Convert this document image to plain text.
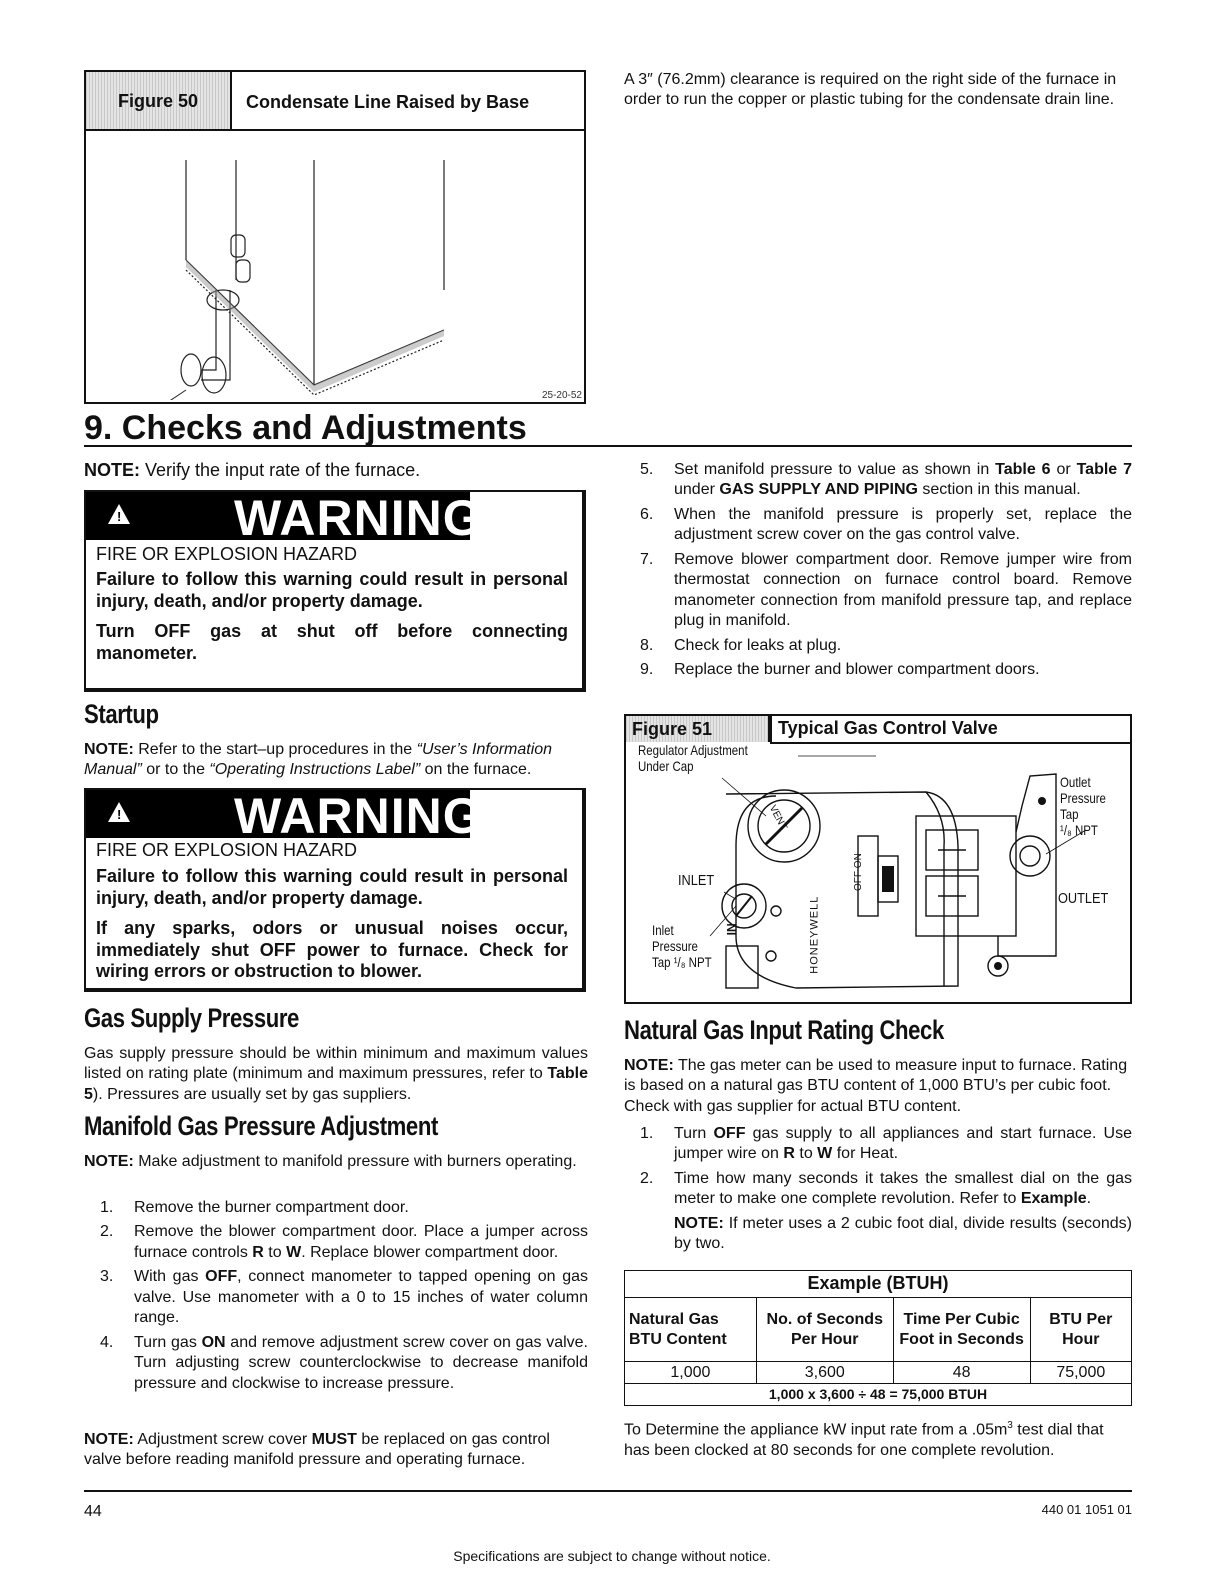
Figure 50	Condensate Line Raised by Base
25-20-52
A 3″ (76.2mm) clearance is required on the right side of the furnace in order to run the copper or plastic tubing for the condensate drain line.
9. Checks and Adjustments
NOTE: Verify the input rate of the furnace.
! WARNING
FIRE OR EXPLOSION HAZARD
Failure to follow this warning could result in personal injury, death, and/or property damage.
Turn OFF gas at shut off before connecting manometer.
Startup
NOTE: Refer to the start–up procedures in the “User’s Information Manual” or to the “Operating Instructions Label” on the furnace.
! WARNING
FIRE OR EXPLOSION HAZARD
Failure to follow this warning could result in personal injury, death, and/or property damage.
If any sparks, odors or unusual noises occur, immediately shut OFF power to furnace. Check for wiring errors or obstruction to blower.
Gas Supply Pressure
Gas supply pressure should be within minimum and maximum values listed on rating plate (minimum and maximum pressures, refer to Table 5). Pressures are usually set by gas suppliers.
Manifold Gas Pressure Adjustment
NOTE: Make adjustment to manifold pressure with burners operating.
1. Remove the burner compartment door.
2. Remove the blower compartment door. Place a jumper across furnace controls R to W. Replace blower compartment door.
3. With gas OFF, connect manometer to tapped opening on gas valve. Use manometer with a 0 to 15 inches of water column range.
4. Turn gas ON and remove adjustment screw cover on gas valve. Turn adjusting screw counterclockwise to decrease manifold pressure and clockwise to increase pressure.
NOTE: Adjustment screw cover MUST be replaced on gas control valve before reading manifold pressure and operating furnace.
5. Set manifold pressure to value as shown in Table 6 or Table 7 under GAS SUPPLY AND PIPING section in this manual.
6. When the manifold pressure is properly set, replace the adjustment screw cover on the gas control valve.
7. Remove blower compartment door. Remove jumper wire from thermostat connection on furnace control board. Remove manometer connection from manifold pressure tap, and replace plug in manifold.
8. Check for leaks at plug.
9. Replace the burner and blower compartment doors.
Figure 51	Typical Gas Control Valve
Regulator Adjustment
Under Cap
INLET
Inlet
Pressure
Tap ¹/₈ NPT
Outlet
Pressure
Tap
¹/₈ NPT
OUTLET
VENT
IN
OFF ON
HONEYWELL
Natural Gas Input Rating Check
NOTE: The gas meter can be used to measure input to furnace. Rating is based on a natural gas BTU content of 1,000 BTU’s per cubic foot. Check with gas supplier for actual BTU content.
1. Turn OFF gas supply to all appliances and start furnace. Use jumper wire on R to W for Heat.
2. Time how many seconds it takes the smallest dial on the gas meter to make one complete revolution. Refer to Example.
NOTE: If meter uses a 2 cubic foot dial, divide results (seconds) by two.
Example (BTUH)			
Natural Gas BTU Content	No. of Seconds Per Hour	Time Per Cubic Foot in Seconds	BTU Per Hour
1,000	3,600	48	75,000
1,000 x 3,600 ÷ 48 = 75,000 BTUH			
To Determine the appliance kW input rate from a $.05m^3$ test dial that has been clocked at 80 seconds for one complete revolution.
44	440 01 1051 01
Specifications are subject to change without notice.
